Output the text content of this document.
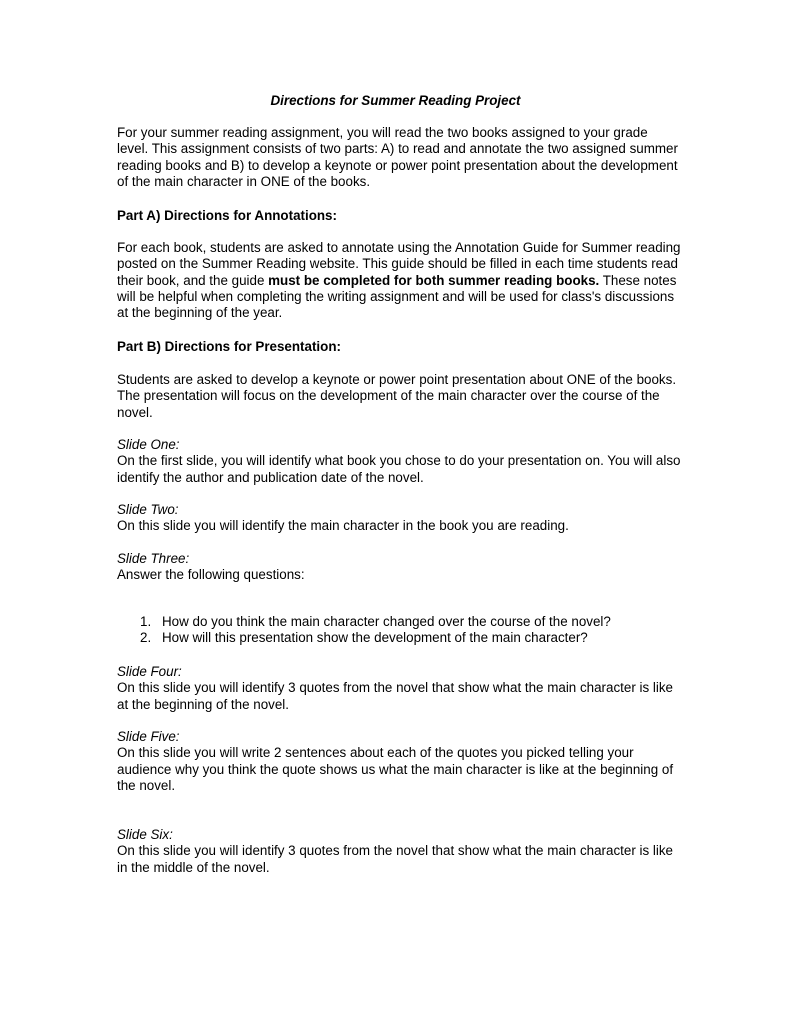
Directions for Summer Reading Project

For your summer reading assignment, you will read the two books assigned to your grade level. This assignment consists of two parts: A) to read and annotate the two assigned summer reading books and B) to develop a keynote or power point presentation about the development of the main character in ONE of the books.

Part A) Directions for Annotations:

For each book, students are asked to annotate using the Annotation Guide for Summer reading posted on the Summer Reading website. This guide should be filled in each time students read their book, and the guide must be completed for both summer reading books. These notes will be helpful when completing the writing assignment and will be used for class's discussions at the beginning of the year.

Part B) Directions for Presentation:

Students are asked to develop a keynote or power point presentation about ONE of the books. The presentation will focus on the development of the main character over the course of the novel.

Slide One:
On the first slide, you will identify what book you chose to do your presentation on. You will also identify the author and publication date of the novel.
Slide Two:
On this slide you will identify the main character in the book you are reading.
Slide Three:
Answer the following questions:
1. How do you think the main character changed over the course of the novel?
2. How will this presentation show the development of the main character?
Slide Four:
On this slide you will identify 3 quotes from the novel that show what the main character is like at the beginning of the novel.
Slide Five:
On this slide you will write 2 sentences about each of the quotes you picked telling your audience why you think the quote shows us what the main character is like at the beginning of the novel.
Slide Six:
On this slide you will identify 3 quotes from the novel that show what the main character is like in the middle of the novel.
